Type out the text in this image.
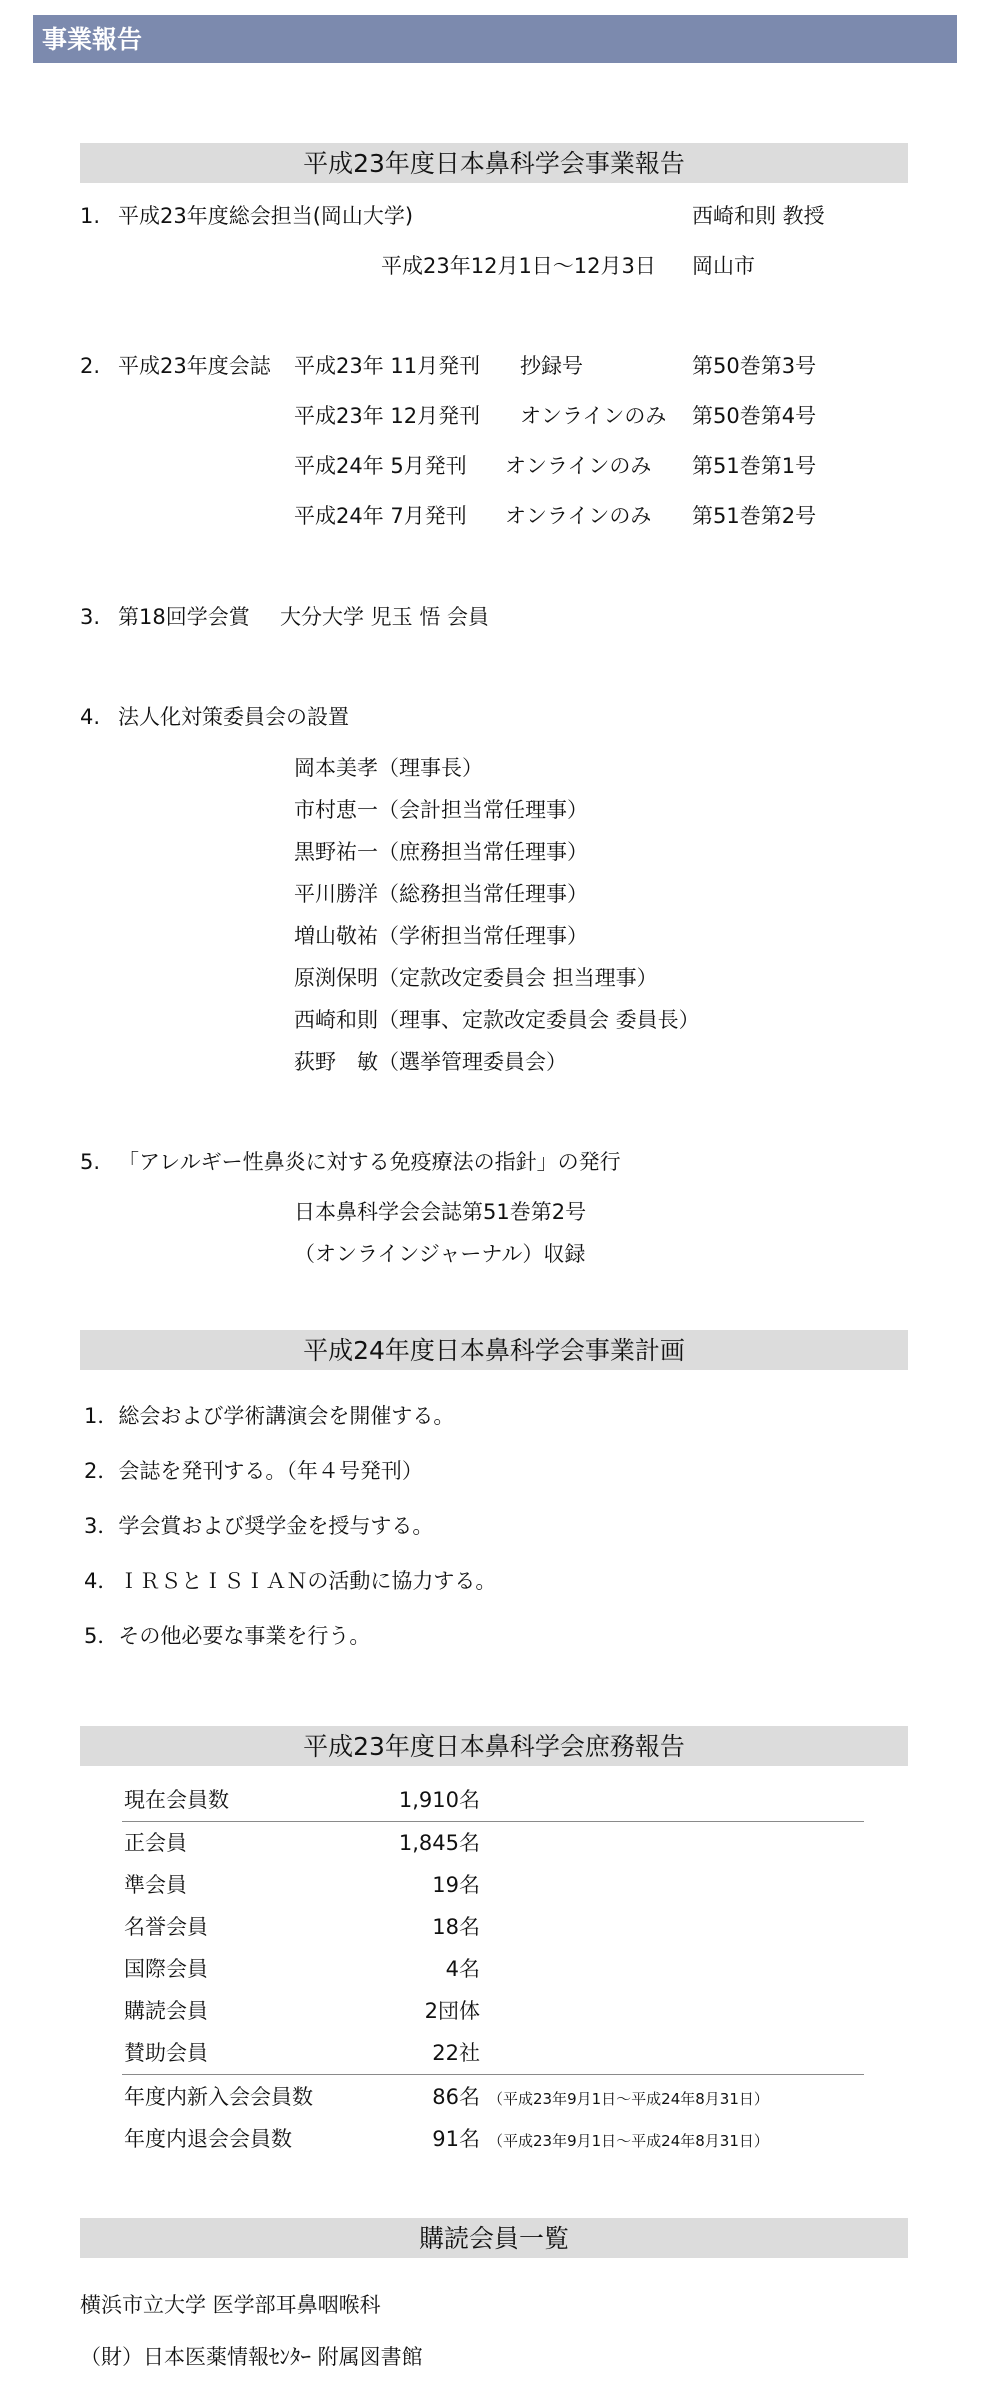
事業報告
平成23年度日本鼻科学会事業報告
1. 平成23年度総会担当(岡山大学)	西崎和則 教授
平成23年12月1日〜12月3日 岡山市
2. 平成23年度会誌 平成23年 11月発刊 抄録号	第50巻第3号
平成23年 12月発刊 オンラインのみ 第50巻第4号
平成24年 5月発刊 オンラインのみ 第51巻第1号
平成24年 7月発刊 オンラインのみ 第51巻第2号
3. 第18回学会賞 大分大学 児玉 悟 会員
4. 法人化対策委員会の設置
岡本美孝（理事長）
市村恵一（会計担当常任理事）
黒野祐一（庶務担当常任理事）
平川勝洋（総務担当常任理事）
増山敬祐（学術担当常任理事）
原渕保明（定款改定委員会 担当理事）
西崎和則（理事、定款改定委員会 委員長）
荻野　敏（選挙管理委員会）
5. 「アレルギー性鼻炎に対する免疫療法の指針」の発行
日本鼻科学会会誌第51巻第2号
（オンラインジャーナル）収録
平成24年度日本鼻科学会事業計画
1．総会および学術講演会を開催する。
2．会誌を発刊する。（年４号発刊）
3．学会賞および奨学金を授与する。
4．ＩＲＳとＩＳＩＡＮの活動に協力する。
5．その他必要な事業を行う。
平成23年度日本鼻科学会庶務報告
現在会員数	1,910名
正会員	1,845名
準会員	19名
名誉会員	18名
国際会員	4名
購読会員	2団体
賛助会員	22社
年度内新入会会員数	86名 （平成23年9月1日〜平成24年8月31日）
年度内退会会員数	91名 （平成23年9月1日〜平成24年8月31日）
購読会員一覧
横浜市立大学 医学部耳鼻咽喉科
（財）日本医薬情報ｾﾝﾀｰ 附属図書館
